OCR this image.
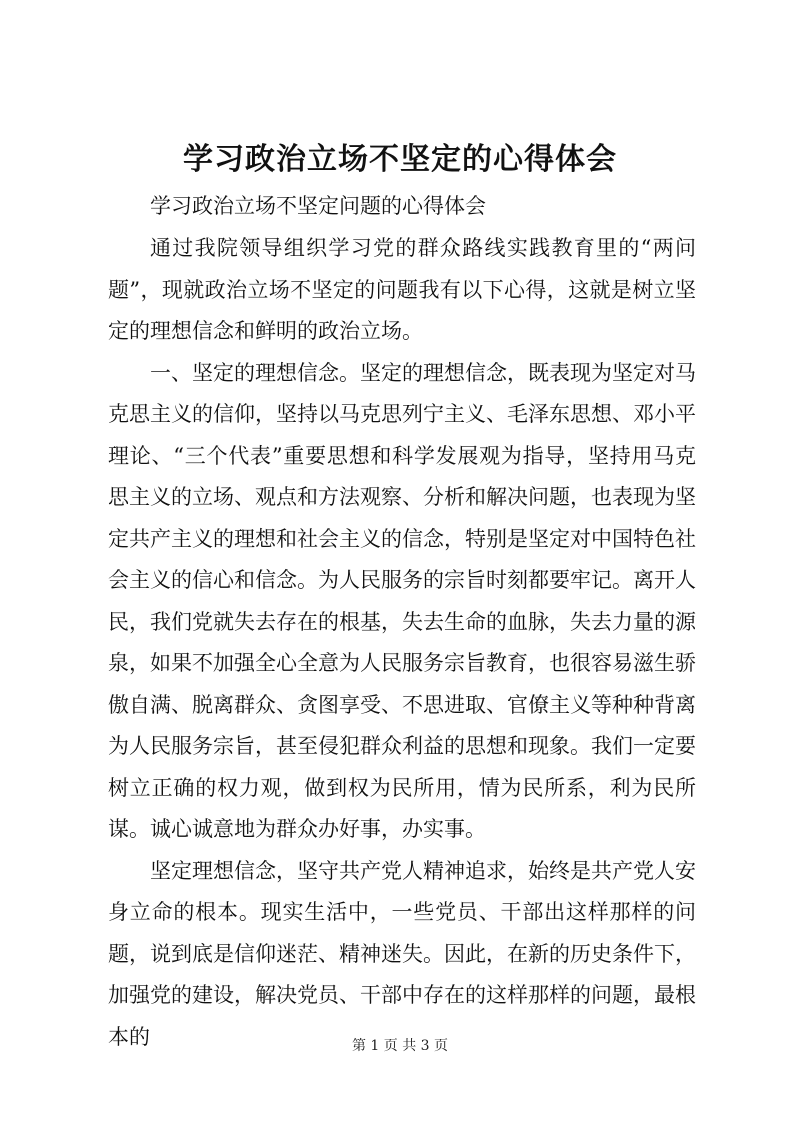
学习政治立场不坚定的心得体会
学习政治立场不坚定问题的心得体会

通过我院领导组织学习党的群众路线实践教育里的“两问题”，现就政治立场不坚定的问题我有以下心得，这就是树立坚定的理想信念和鲜明的政治立场。

一、坚定的理想信念。坚定的理想信念，既表现为坚定对马克思主义的信仰，坚持以马克思列宁主义、毛泽东思想、邓小平理论、“三个代表”重要思想和科学发展观为指导，坚持用马克思主义的立场、观点和方法观察、分析和解决问题，也表现为坚定共产主义的理想和社会主义的信念，特别是坚定对中国特色社会主义的信心和信念。为人民服务的宗旨时刻都要牢记。离开人民，我们党就失去存在的根基，失去生命的血脉，失去力量的源泉，如果不加强全心全意为人民服务宗旨教育，也很容易滋生骄傲自满、脱离群众、贪图享受、不思进取、官僚主义等种种背离为人民服务宗旨，甚至侵犯群众利益的思想和现象。我们一定要树立正确的权力观，做到权为民所用，情为民所系，利为民所谋。诚心诚意地为群众办好事，办实事。

坚定理想信念，坚守共产党人精神追求，始终是共产党人安身立命的根本。现实生活中，一些党员、干部出这样那样的问题，说到底是信仰迷茫、精神迷失。因此，在新的历史条件下，加强党的建设，解决党员、干部中存在的这样那样的问题，最根本的	第 1 页 共 3 页
